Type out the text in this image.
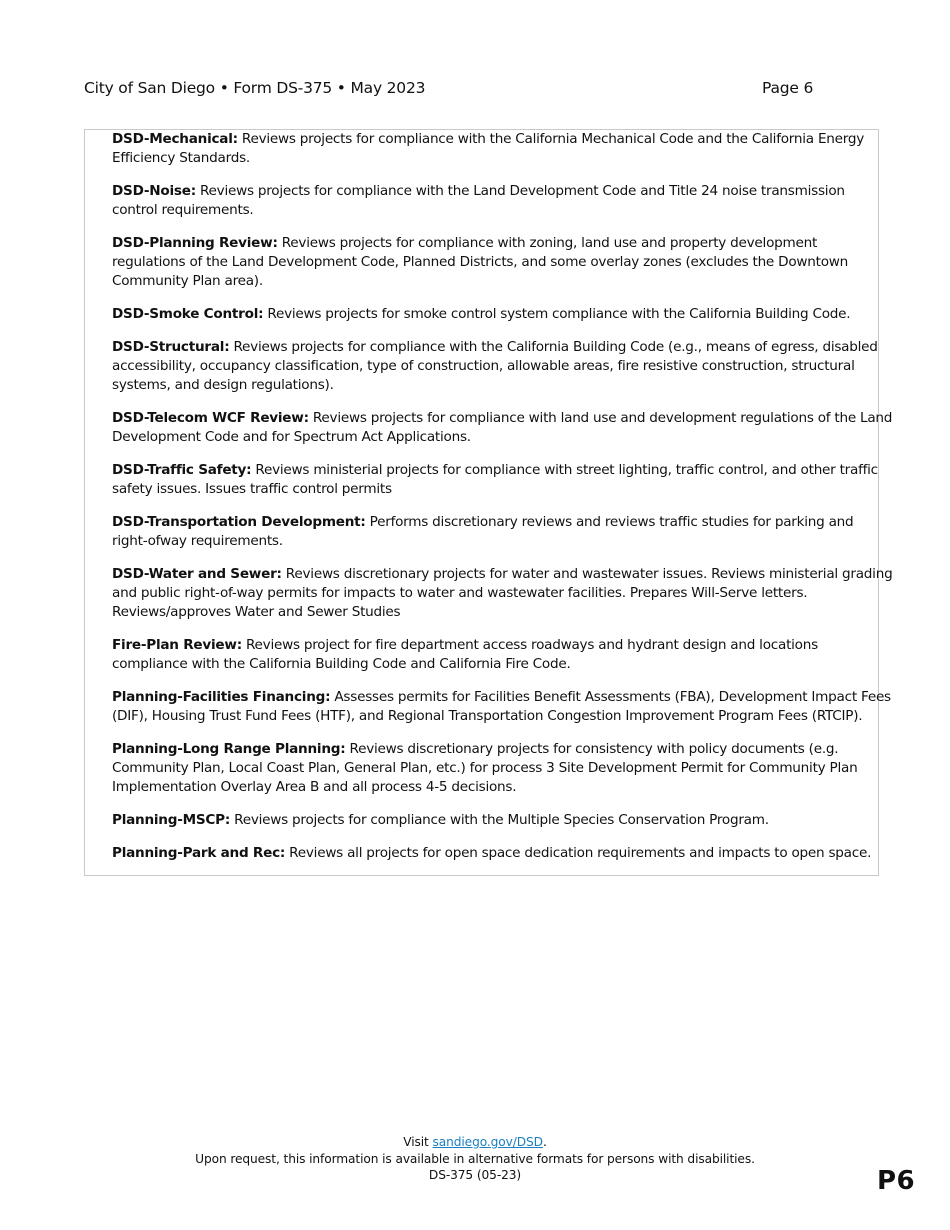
City of San Diego • Form DS-375 • May 2023	Page 6
DSD-Mechanical: Reviews projects for compliance with the California Mechanical Code and the California Energy
Efficiency Standards.
DSD-Noise: Reviews projects for compliance with the Land Development Code and Title 24 noise transmission
control requirements.
DSD-Planning Review: Reviews projects for compliance with zoning, land use and property development
regulations of the Land Development Code, Planned Districts, and some overlay zones (excludes the Downtown
Community Plan area).
DSD-Smoke Control: Reviews projects for smoke control system compliance with the California Building Code.
DSD-Structural: Reviews projects for compliance with the California Building Code (e.g., means of egress, disabled
accessibility, occupancy classification, type of construction, allowable areas, fire resistive construction, structural
systems, and design regulations).
DSD-Telecom WCF Review: Reviews projects for compliance with land use and development regulations of the Land
Development Code and for Spectrum Act Applications.
DSD-Traffic Safety: Reviews ministerial projects for compliance with street lighting, traffic control, and other traffic
safety issues. Issues traffic control permits
DSD-Transportation Development: Performs discretionary reviews and reviews traffic studies for parking and
right-ofway requirements.
DSD-Water and Sewer: Reviews discretionary projects for water and wastewater issues. Reviews ministerial grading
and public right-of-way permits for impacts to water and wastewater facilities. Prepares Will-Serve letters.
Reviews/approves Water and Sewer Studies
Fire-Plan Review: Reviews project for fire department access roadways and hydrant design and locations
compliance with the California Building Code and California Fire Code.
Planning-Facilities Financing: Assesses permits for Facilities Benefit Assessments (FBA), Development Impact Fees
(DIF), Housing Trust Fund Fees (HTF), and Regional Transportation Congestion Improvement Program Fees (RTCIP).
Planning-Long Range Planning: Reviews discretionary projects for consistency with policy documents (e.g.
Community Plan, Local Coast Plan, General Plan, etc.) for process 3 Site Development Permit for Community Plan
Implementation Overlay Area B and all process 4-5 decisions.
Planning-MSCP: Reviews projects for compliance with the Multiple Species Conservation Program.
Planning-Park and Rec: Reviews all projects for open space dedication requirements and impacts to open space.
Visit sandiego.gov/DSD.
Upon request, this information is available in alternative formats for persons with disabilities.
DS-375 (05-23)	P6
